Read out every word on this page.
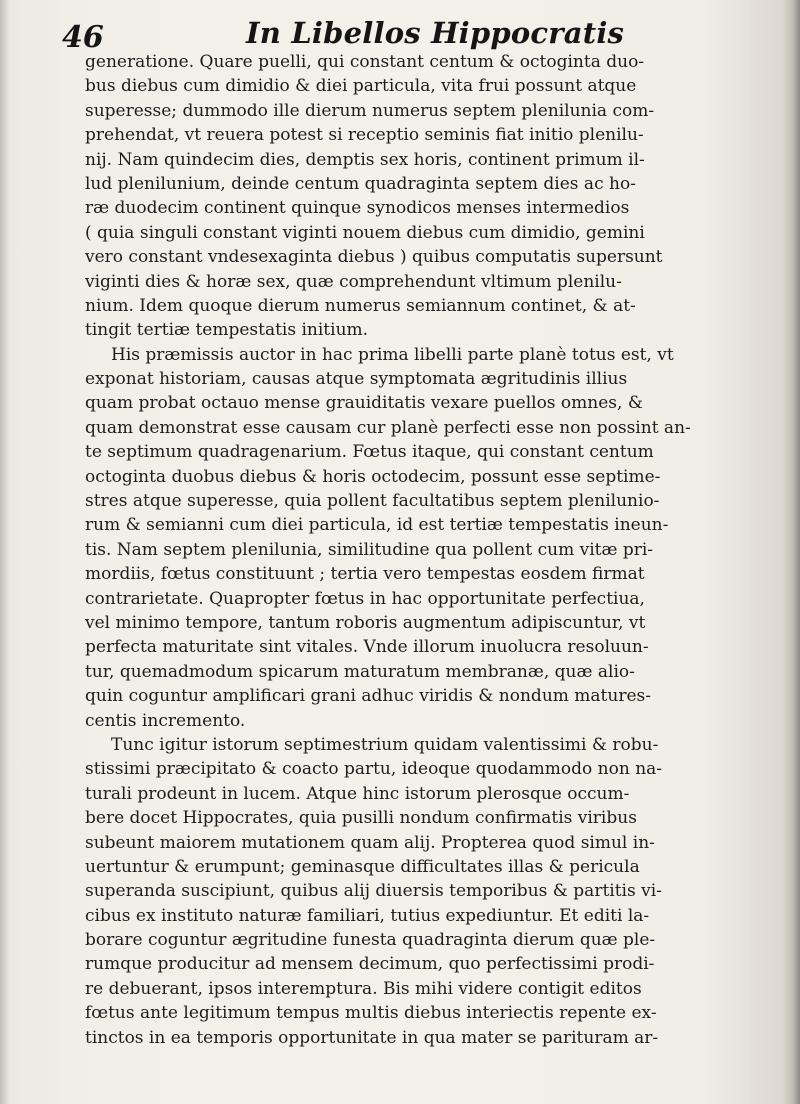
46	In Libellos Hippocratis
generatione. Quare puelli, qui constant centum & octoginta duo-
bus diebus cum dimidio & diei particula, vita frui possunt atque
superesse; dummodo ille dierum numerus septem plenilunia com-
prehendat, vt reuera potest si receptio seminis fiat initio plenilu-
nij. Nam quindecim dies, demptis sex horis, continent primum il-
lud plenilunium, deinde centum quadraginta septem dies ac ho-
ræ duodecim continent quinque synodicos menses intermedios
( quia singuli constant viginti nouem diebus cum dimidio, gemini
vero constant vndesexaginta diebus ) quibus computatis supersunt
viginti dies & horæ sex, quæ comprehendunt vltimum plenilu-
nium. Idem quoque dierum numerus semiannum continet, & at-
tingit tertiæ tempestatis initium.
His præmissis auctor in hac prima libelli parte planè totus est, vt
exponat historiam, causas atque symptomata ægritudinis illius
quam probat octauo mense grauiditatis vexare puellos omnes, &
quam demonstrat esse causam cur planè perfecti esse non possint an-
te septimum quadragenarium. Fœtus itaque, qui constant centum
octoginta duobus diebus & horis octodecim, possunt esse septime-
stres atque superesse, quia pollent facultatibus septem plenilunio-
rum & semianni cum diei particula, id est tertiæ tempestatis ineun-
tis. Nam septem plenilunia, similitudine qua pollent cum vitæ pri-
mordiis, fœtus constituunt ; tertia vero tempestas eosdem firmat
contrarietate. Quapropter fœtus in hac opportunitate perfectiua,
vel minimo tempore, tantum roboris augmentum adipiscuntur, vt
perfecta maturitate sint vitales. Vnde illorum inuolucra resoluun-
tur, quemadmodum spicarum maturatum membranæ, quæ alio-
quin coguntur amplificari grani adhuc viridis & nondum matures-
centis incremento.
Tunc igitur istorum septimestrium quidam valentissimi & robu-
stissimi præcipitato & coacto partu, ideoque quodammodo non na-
turali prodeunt in lucem. Atque hinc istorum plerosque occum-
bere docet Hippocrates, quia pusilli nondum confirmatis viribus
subeunt maiorem mutationem quam alij. Propterea quod simul in-
uertuntur & erumpunt; geminasque difficultates illas & pericula
superanda suscipiunt, quibus alij diuersis temporibus & partitis vi-
cibus ex instituto naturæ familiari, tutius expediuntur. Et editi la-
borare coguntur ægritudine funesta quadraginta dierum quæ ple-
rumque producitur ad mensem decimum, quo perfectissimi prodi-
re debuerant, ipsos interemptura. Bis mihi videre contigit editos
fœtus ante legitimum tempus multis diebus interiectis repente ex-
tinctos in ea temporis opportunitate in qua mater se parituram ar-
